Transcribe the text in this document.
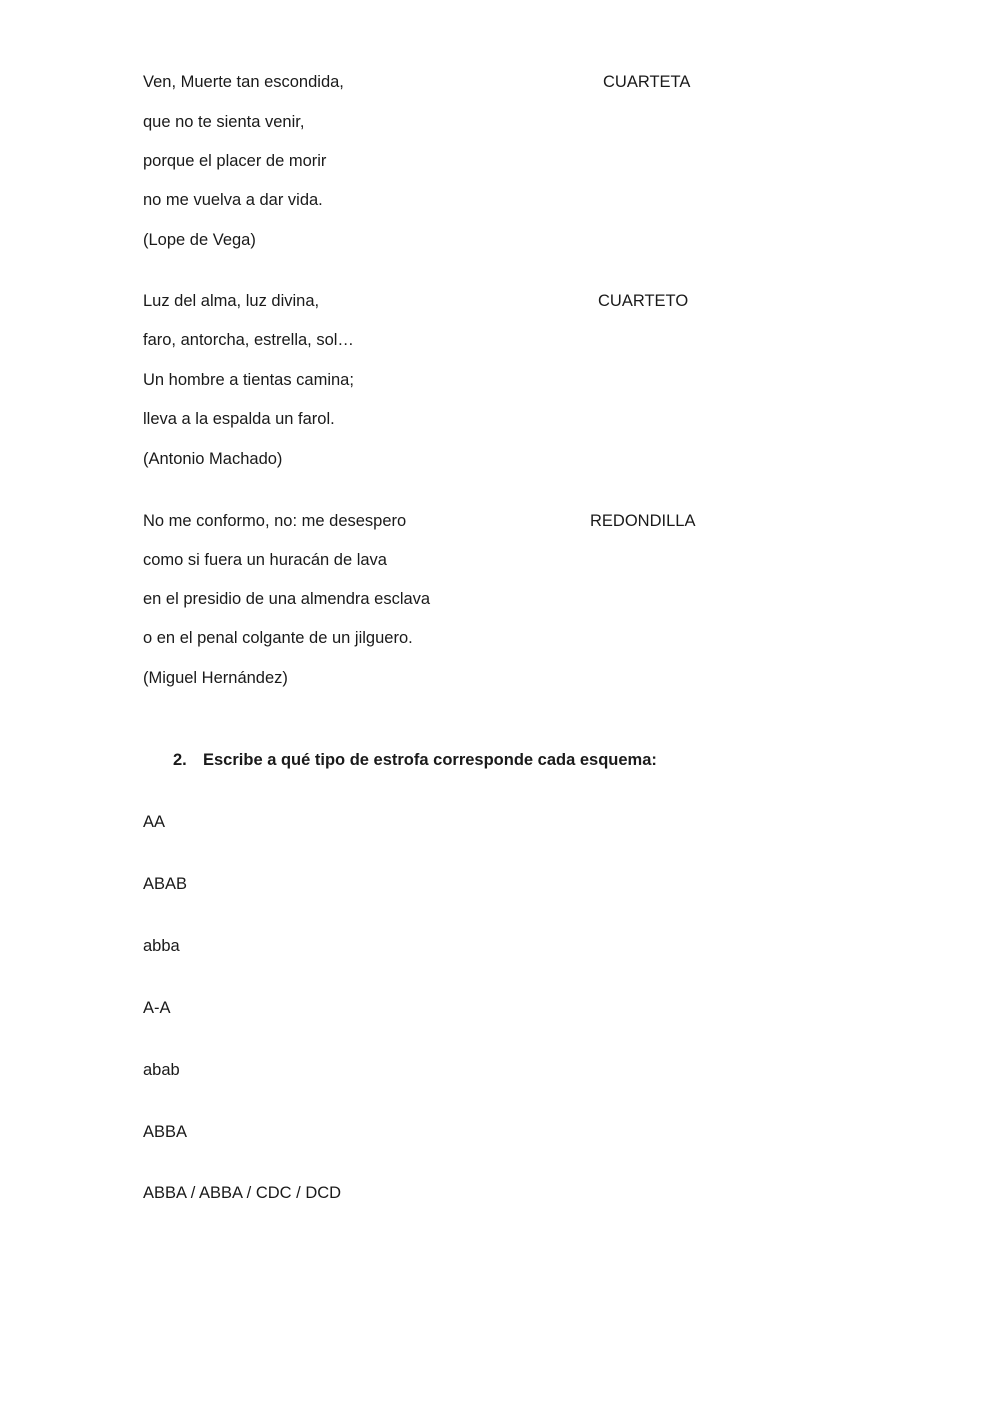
Ven, Muerte tan escondida,	CUARTETA
que no te sienta venir,
porque el placer de morir
no me vuelva a dar vida.
(Lope de Vega)
Luz del alma, luz divina,	CUARTETO
faro, antorcha, estrella, sol…
Un hombre a tientas camina;
lleva a la espalda un farol.
(Antonio Machado)
No me conformo, no: me desespero	REDONDILLA
como si fuera un huracán de lava
en el presidio de una almendra esclava
o en el penal colgante de un jilguero.
(Miguel Hernández)
2. Escribe a qué tipo de estrofa corresponde cada esquema:
AA
ABAB
abba
A-A
abab
ABBA
ABBA / ABBA / CDC / DCD
